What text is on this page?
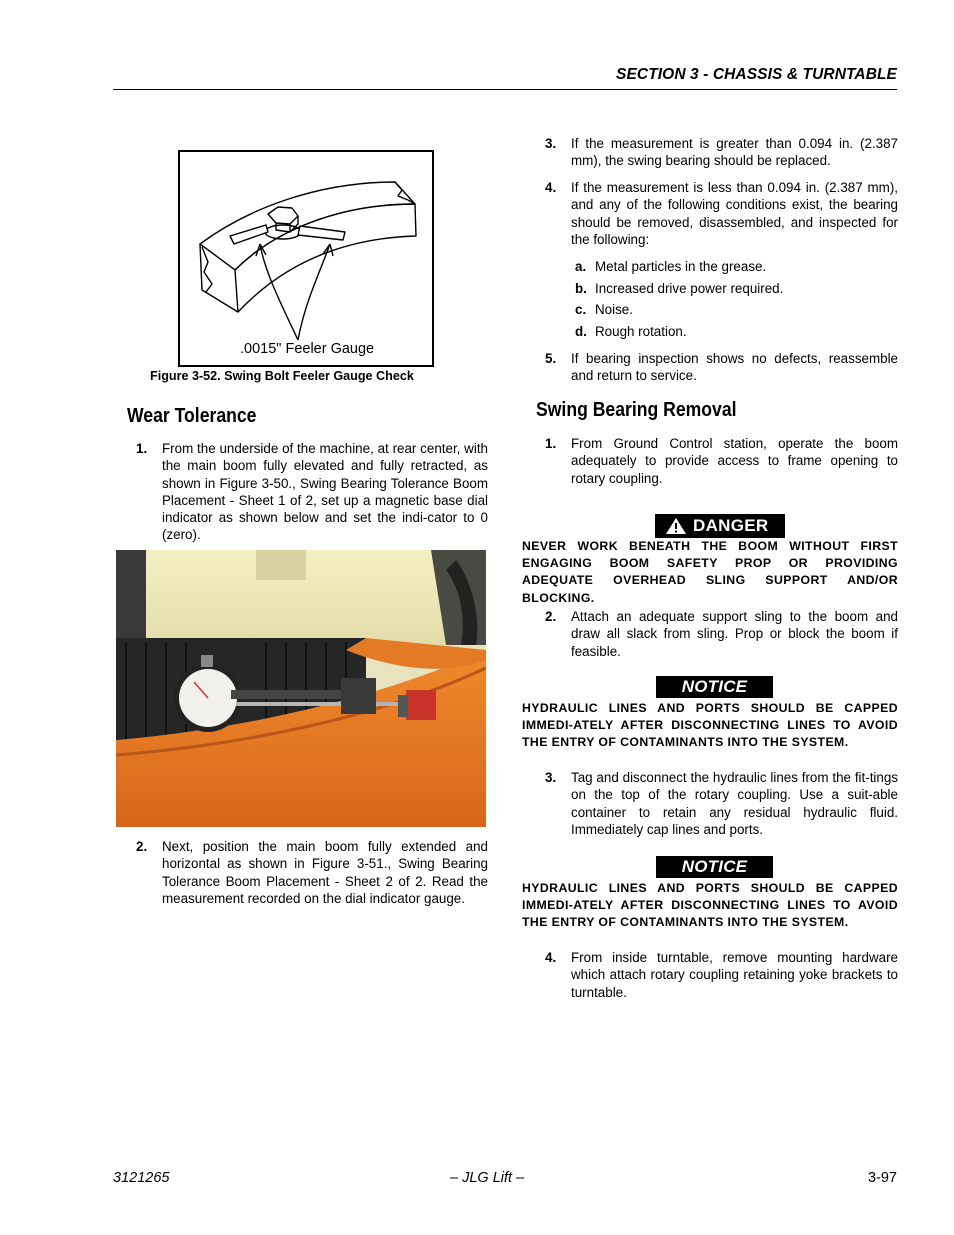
SECTION 3 - CHASSIS & TURNTABLE
.0015" Feeler Gauge
Figure 3-52. Swing Bolt Feeler Gauge Check
Wear Tolerance
1. From the underside of the machine, at rear center, with the main boom fully elevated and fully retracted, as shown in Figure 3-50., Swing Bearing Tolerance Boom Placement - Sheet 1 of 2, set up a magnetic base dial indicator as shown below and set the indi-cator to 0 (zero).
2. Next, position the main boom fully extended and horizontal as shown in Figure 3-51., Swing Bearing Tolerance Boom Placement - Sheet 2 of 2. Read the measurement recorded on the dial indicator gauge.
3. If the measurement is greater than 0.094 in. (2.387 mm), the swing bearing should be replaced.
4. If the measurement is less than 0.094 in. (2.387 mm), and any of the following conditions exist, the bearing should be removed, disassembled, and inspected for the following:
a. Metal particles in the grease.
b. Increased drive power required.
c. Noise.
d. Rough rotation.
5. If bearing inspection shows no defects, reassemble and return to service.
Swing Bearing Removal
1. From Ground Control station, operate the boom adequately to provide access to frame opening to rotary coupling.
DANGER
NEVER WORK BENEATH THE BOOM WITHOUT FIRST ENGAGING BOOM SAFETY PROP OR PROVIDING ADEQUATE OVERHEAD SLING SUPPORT AND/OR BLOCKING.
2. Attach an adequate support sling to the boom and draw all slack from sling. Prop or block the boom if feasible.
NOTICE
HYDRAULIC LINES AND PORTS SHOULD BE CAPPED IMMEDI-ATELY AFTER DISCONNECTING LINES TO AVOID THE ENTRY OF CONTAMINANTS INTO THE SYSTEM.
3. Tag and disconnect the hydraulic lines from the fit-tings on the top of the rotary coupling. Use a suit-able container to retain any residual hydraulic fluid. Immediately cap lines and ports.
NOTICE
HYDRAULIC LINES AND PORTS SHOULD BE CAPPED IMMEDI-ATELY AFTER DISCONNECTING LINES TO AVOID THE ENTRY OF CONTAMINANTS INTO THE SYSTEM.
4. From inside turntable, remove mounting hardware which attach rotary coupling retaining yoke brackets to turntable.
3121265	– JLG Lift –	3-97
